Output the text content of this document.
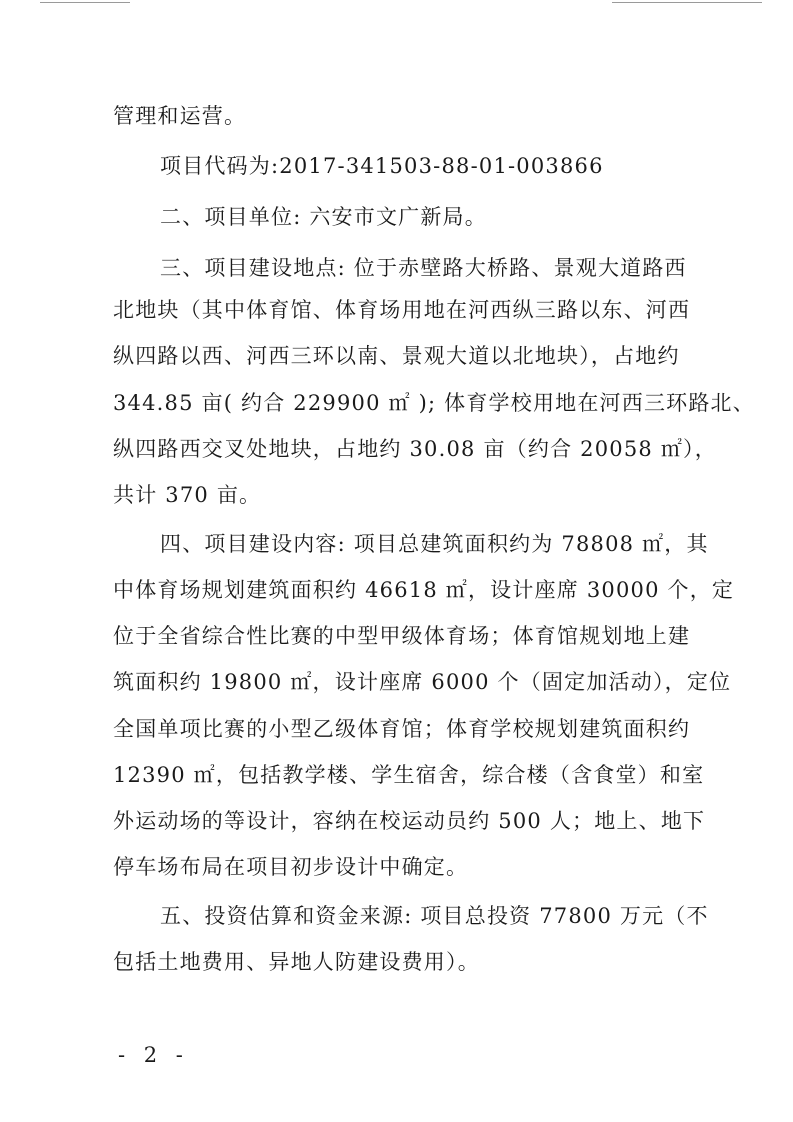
管理和运营。
项目代码为:2017-341503-88-01-003866
二、项目单位: 六安市文广新局。
三、项目建设地点: 位于赤壁路大桥路、景观大道路西
北地块（其中体育馆、体育场用地在河西纵三路以东、河西
纵四路以西、河西三环以南、景观大道以北地块），占地约
344.85 亩( 约合 229900 ㎡ ); 体育学校用地在河西三环路北、
纵四路西交叉处地块，占地约 30.08 亩（约合 20058 ㎡），
共计 370 亩。
四、项目建设内容: 项目总建筑面积约为 78808 ㎡，其
中体育场规划建筑面积约 46618 ㎡，设计座席 30000 个，定
位于全省综合性比赛的中型甲级体育场；体育馆规划地上建
筑面积约 19800 ㎡，设计座席 6000 个（固定加活动），定位
全国单项比赛的小型乙级体育馆；体育学校规划建筑面积约
12390 ㎡，包括教学楼、学生宿舍，综合楼（含食堂）和室
外运动场的等设计，容纳在校运动员约 500 人；地上、地下
停车场布局在项目初步设计中确定。
五、投资估算和资金来源: 项目总投资 77800 万元（不
包括土地费用、异地人防建设费用）。
- 2 -
